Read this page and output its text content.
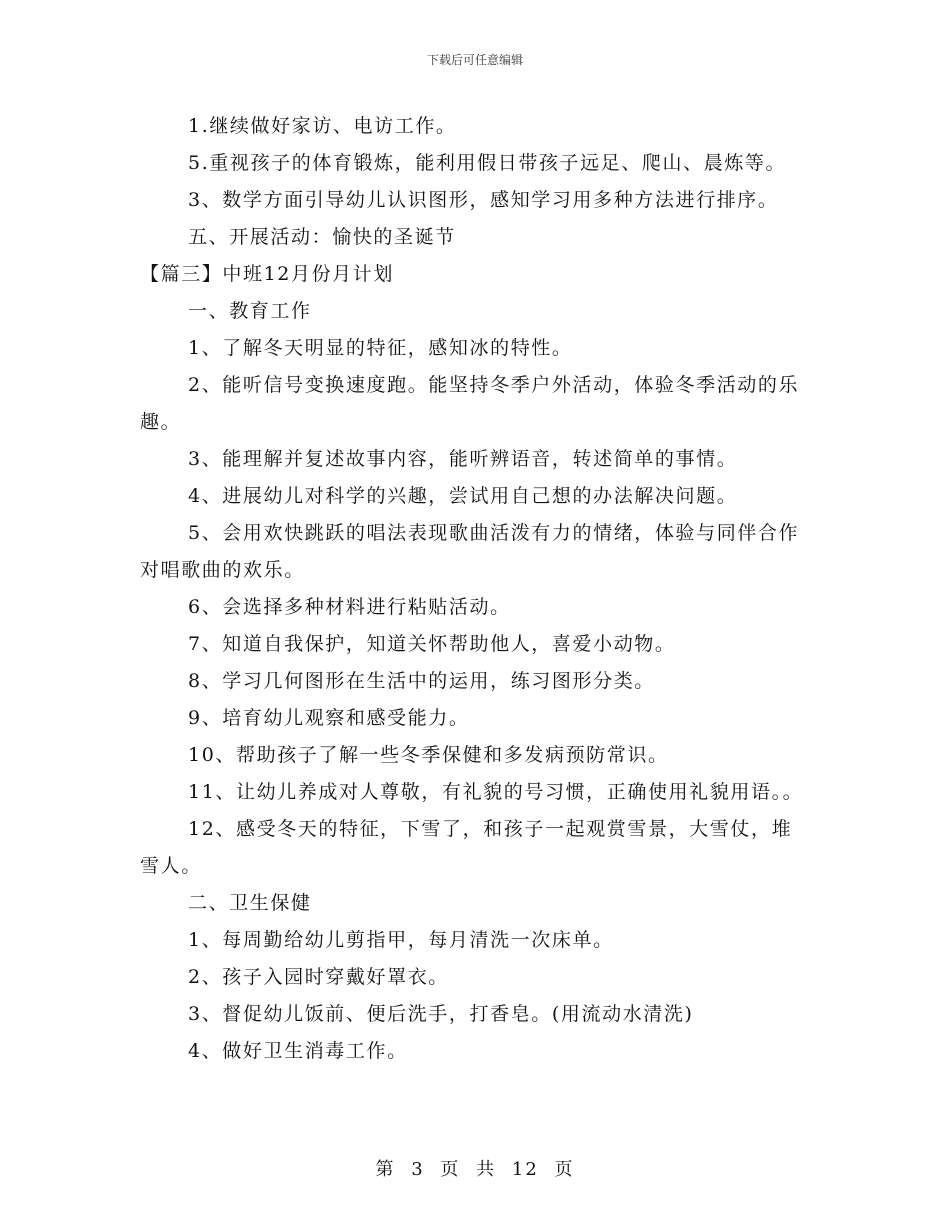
下载后可任意编辑

1.继续做好家访、电访工作。

5.重视孩子的体育锻炼，能利用假日带孩子远足、爬山、晨炼等。

3、数学方面引导幼儿认识图形，感知学习用多种方法进行排序。

五、开展活动：愉快的圣诞节

【篇三】中班12月份月计划

一、教育工作

1、了解冬天明显的特征，感知冰的特性。

2、能听信号变换速度跑。能坚持冬季户外活动，体验冬季活动的乐趣。

3、能理解并复述故事内容，能听辨语音，转述简单的事情。

4、进展幼儿对科学的兴趣，尝试用自己想的办法解决问题。

5、会用欢快跳跃的唱法表现歌曲活泼有力的情绪，体验与同伴合作对唱歌曲的欢乐。

6、会选择多种材料进行粘贴活动。

7、知道自我保护，知道关怀帮助他人，喜爱小动物。

8、学习几何图形在生活中的运用，练习图形分类。

9、培育幼儿观察和感受能力。

10、帮助孩子了解一些冬季保健和多发病预防常识。

11、让幼儿养成对人尊敬，有礼貌的号习惯，正确使用礼貌用语。。

12、感受冬天的特征，下雪了，和孩子一起观赏雪景，大雪仗，堆雪人。

二、卫生保健

1、每周勤给幼儿剪指甲，每月清洗一次床单。

2、孩子入园时穿戴好罩衣。

3、督促幼儿饭前、便后洗手，打香皂。(用流动水清洗)

4、做好卫生消毒工作。

第 3 页 共 12 页
